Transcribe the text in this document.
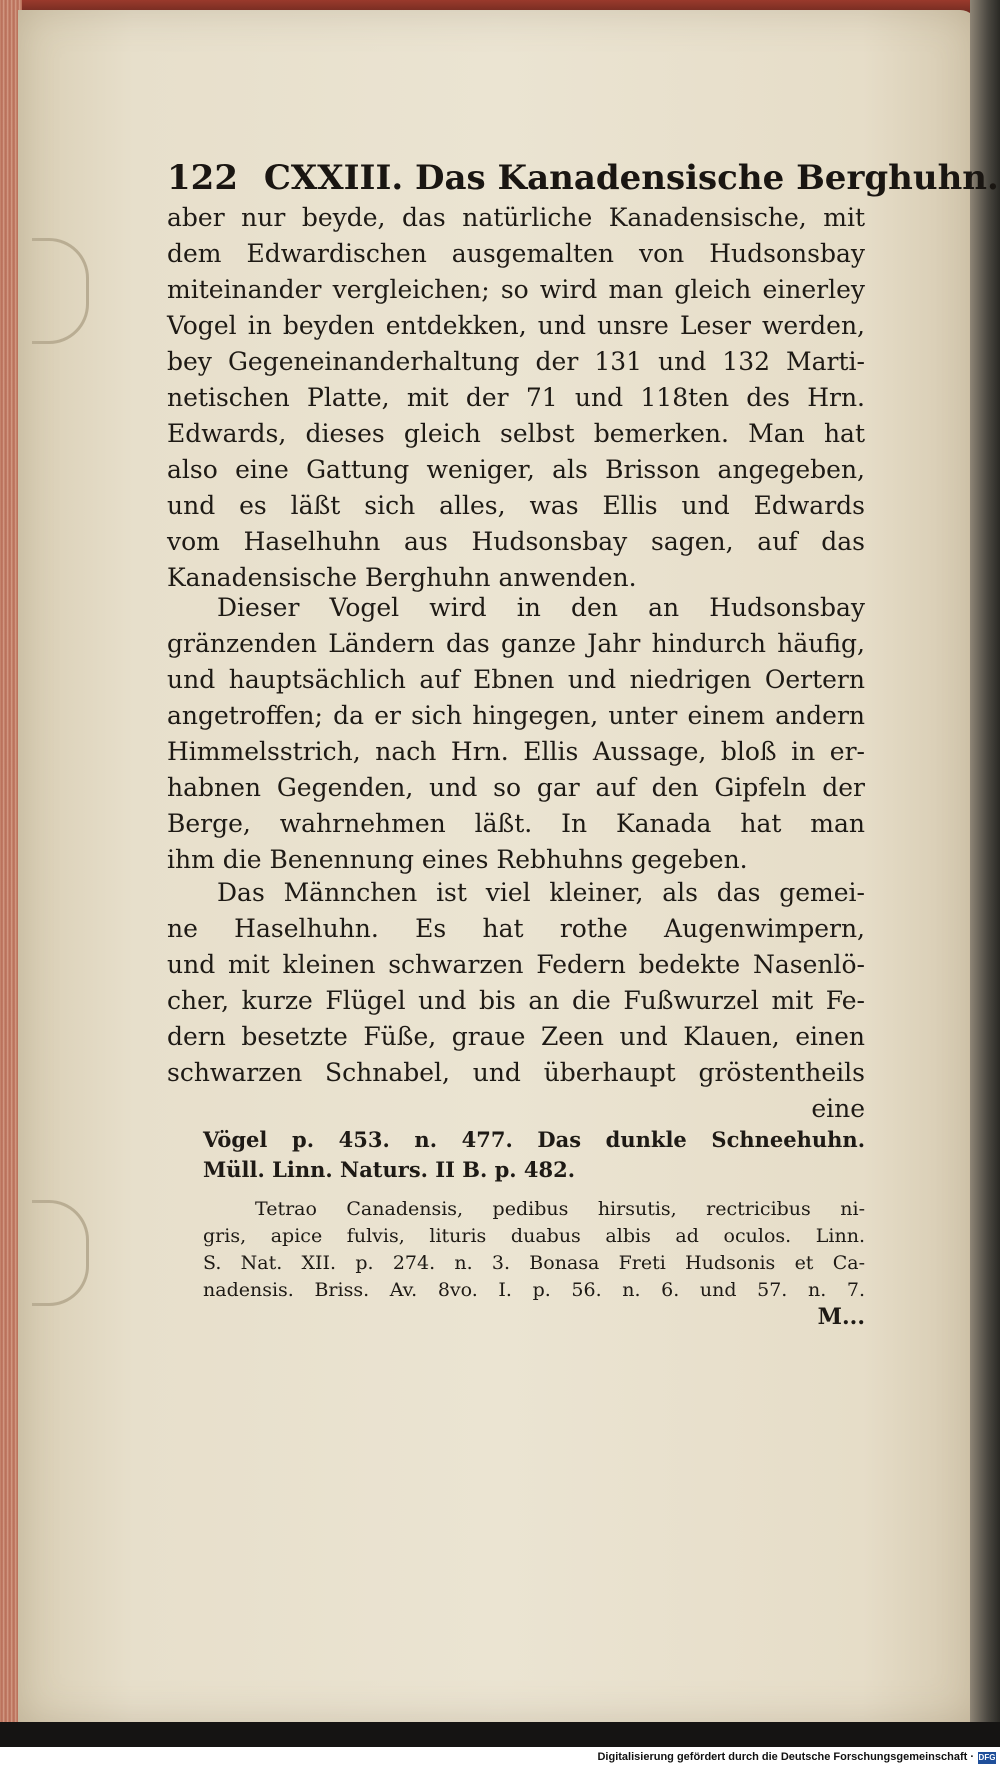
122 CXXIII. Das Kanadensische Berghuhn.
aber nur beyde, das natürliche Kanadensische, mit
dem Edwardischen ausgemalten von Hudsonsbay
miteinander vergleichen; so wird man gleich einerley
Vogel in beyden entdekken, und unsre Leser werden,
bey Gegeneinanderhaltung der 131 und 132 Marti-
netischen Platte, mit der 71 und 118ten des Hrn.
Edwards, dieses gleich selbst bemerken. Man hat
also eine Gattung weniger, als Brisson angegeben,
und es läßt sich alles, was Ellis und Edwards
vom Haselhuhn aus Hudsonsbay sagen, auf das
Kanadensische Berghuhn anwenden.
Dieser Vogel wird in den an Hudsonsbay
gränzenden Ländern das ganze Jahr hindurch häufig,
und hauptsächlich auf Ebnen und niedrigen Oertern
angetroffen; da er sich hingegen, unter einem andern
Himmelsstrich, nach Hrn. Ellis Aussage, bloß in er-
habnen Gegenden, und so gar auf den Gipfeln der
Berge, wahrnehmen läßt. In Kanada hat man
ihm die Benennung eines Rebhuhns gegeben.
Das Männchen ist viel kleiner, als das gemei-
ne Haselhuhn. Es hat rothe Augenwimpern,
und mit kleinen schwarzen Federn bedekte Nasenlö-
cher, kurze Flügel und bis an die Fußwurzel mit Fe-
dern besetzte Füße, graue Zeen und Klauen, einen
schwarzen Schnabel, und überhaupt gröstentheils
eine
Vögel p. 453. n. 477. Das dunkle Schneehuhn.
Müll. Linn. Naturs. II B. p. 482.
Tetrao Canadensis, pedibus hirsutis, rectricibus ni-
gris, apice fulvis, lituris duabus albis ad oculos. Linn.
S. Nat. XII. p. 274. n. 3. Bonasa Freti Hudsonis et Ca-
nadensis. Briss. Av. 8vo. I. p. 56. n. 6. und 57. n. 7.
M...
Digitalisierung gefördert durch die Deutsche Forschungsgemeinschaft · DFG
